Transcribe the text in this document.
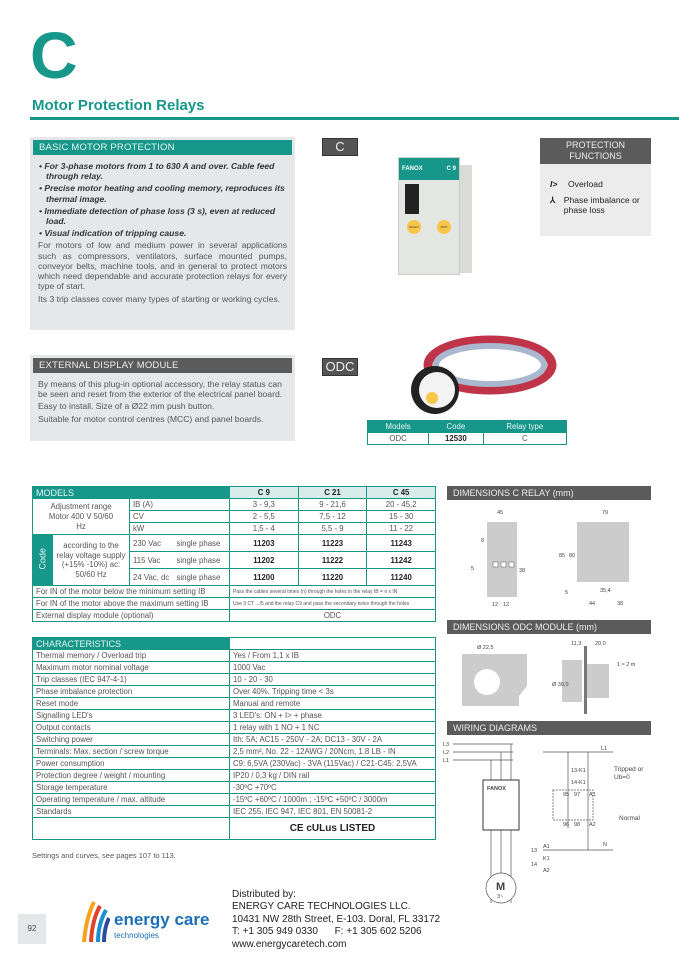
C
Motor Protection Relays
BASIC MOTOR PROTECTION
• For 3-phase motors from 1 to 630 A and over. Cable feed through relay.
• Precise motor heating and cooling memory, reproduces its thermal image.
• Immediate detection of phase loss (3 s), even at reduced load.
• Visual indication of tripping cause.

For motors of low and medium power in several applications such as compressors, ventilators, surface mounted pumps, conveyor belts, machine tools, and in general to protect motors which need dependable and accurate protection relays for every type of start.

Its 3 trip classes cover many types of starting or working cycles.

C
FANOX	C 9
RESET	TEST
PROTECTION
FUNCTIONS
I>	Overload
⅄ Phase imbalance or phase loss
EXTERNAL DISPLAY MODULE

By means of this plug-in optional accessory, the relay status can be seen and reset from the exterior of the electrical panel board.

Easy to install. Size of a Ø22 mm push button.

Suitable for motor control centres (MCC) and panel boards.

ODC
Models	Code	Relay type
ODC	12530	C
MODELS				C 9	C 21	C 45
Adjustment range Motor 400 V 50/60 Hz		IB (A)		3 - 9,3	9 - 21,6	20 - 45,2
		CV		2 - 5,5	7,5 - 12	15 - 30
		kW		1,5 - 4	5,5 - 9	11 - 22

Code	according to the relay voltage supply (+15% -10%) ac: 50/60 Hz	230 Vac	single phase	11203	11223	11243
		115 Vac	single phase	11202	11222	11242
		24 Vac, dc	single phase	11200	11220	11240
For IN of the motor below the minimum setting IB				Pass the cables several times (n) through the holes in the relay IB = n x IN		
For IN of the motor above the maximum setting IB				Use 3 CT .../5 and the relay C9 and pass the secondary twice through the holes		
External display module (optional)				ODC		
CHARACTERISTICS	
Thermal memory / Overload trip	Yes / From 1,1 x IB
Maximum motor nominal voltage	1000 Vac
Trip classes (IEC 947-4-1)	10 - 20 - 30
Phase imbalance protection	Over 40%. Tripping time < 3s
Reset mode	Manual and remote
Signalling LED's	3 LED's: ON + I> + phase
Output contacts	1 relay with 1 NO + 1 NC
Switching power	Ith: 5A; AC15 - 250V - 2A; DC13 - 30V - 2A
Terminals: Max. section / screw torque	2,5 mm², No. 22 - 12AWG / 20Ncm, 1.8 LB - IN
Power consumption	C9: 6,5VA (230Vac) - 3VA (115Vac) / C21-C45: 2,5VA
Protection degree / weight / mounting	IP20 / 0,3 kg / DIN rail
Storage temperature	-30ºC +70ºC
Operating temperature / max. altitude	-15ºC +60ºC / 1000m ; -15ºC +50ºC / 3000m
Standards	IEC 255, IEC 947, IEC 801, EN 50081-2
	CE cULus LISTED
Settings and curves, see pages 107 to 113.
DIMENSIONS C RELAY (mm)
45
8
5	38
12 12
79
85 80
5	35,4
44	38
DIMENSIONS ODC MODULE (mm)
Ø 22,5
11,3 20,0
Ø 30,0
1 ≈ 2 m
WIRING DIAGRAMS
L3
L2
L1
L1
FANOX
13-K1
14-K1
95 97 A1
96 98 A2
13
14
A1
K1
A2
N
M
3~
Normal
Tripped or Ub=0
92	energy care
technologies
Distributed by:
ENERGY CARE TECHNOLOGIES LLC.
10431 NW 28th Street, E-103. Doral, FL 33172
T: +1 305 949 0330      F: +1 305 602 5206
www.energycaretech.com
